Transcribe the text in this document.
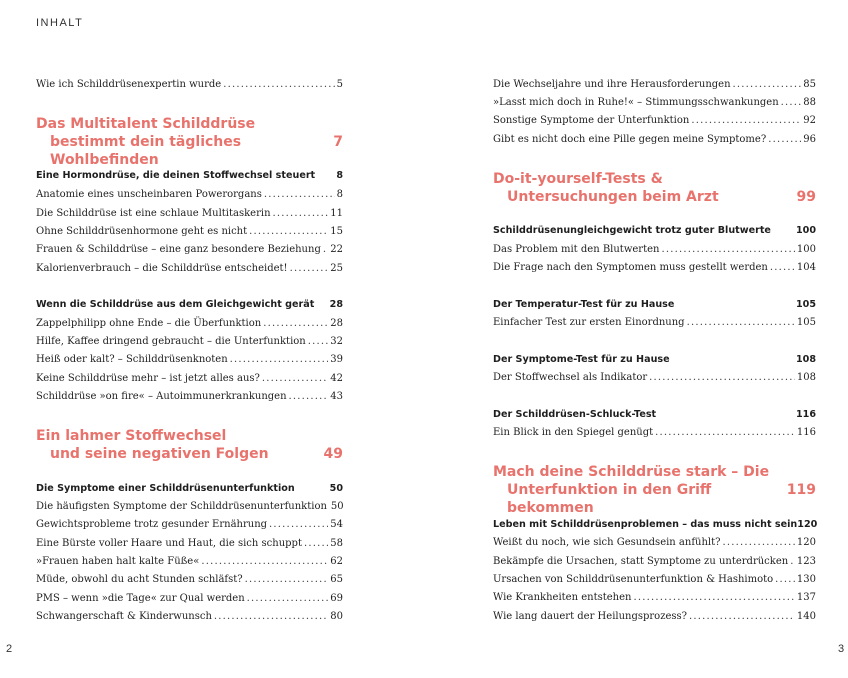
INHALT
Wie ich Schilddrüsenexpertin wurde .....	5
Das Multitalent Schilddrüse
bestimmt dein tägliches Wohlbefinden
7
Eine Hormondrüse, die deinen Stoffwechsel steuert 8
Anatomie eines unscheinbaren Powerorgans .....	8
Die Schilddrüse ist eine schlaue Multitaskerin .....	11
Ohne Schilddrüsenhormone geht es nicht .....	15
Frauen & Schilddrüse – eine ganz besondere Beziehung ..... 22
Kalorienverbrauch – die Schilddrüse entscheidet! .....	25
Wenn die Schilddrüse aus dem Gleichgewicht gerät 28
Zappelphilipp ohne Ende – die Überfunktion .....	28
Hilfe, Kaffee dringend gebraucht – die Unterfunktion ..... 32
Heiß oder kalt? – Schilddrüsenknoten .....	39
Keine Schilddrüse mehr – ist jetzt alles aus? .....	42
Schilddrüse »on fire« – Autoimmunerkrankungen .....	43
Ein lahmer Stoffwechsel
und seine negativen Folgen	49
Die Symptome einer Schilddrüsenunterfunktion	50
Die häufigsten Symptome der Schilddrüsenunterfunktion 50
Gewichtsprobleme trotz gesunder Ernährung .....	54
Eine Bürste voller Haare und Haut, die sich schuppt .....	58
»Frauen haben halt kalte Füße« .....	62
Müde, obwohl du acht Stunden schläfst? .....	65
PMS – wenn »die Tage« zur Qual werden .....	69
Schwangerschaft & Kinderwunsch .....	80
Die Wechseljahre und ihre Herausforderungen .....	85
»Lasst mich doch in Ruhe!« – Stimmungsschwankungen ..... 88
Sonstige Symptome der Unterfunktion .....	92
Gibt es nicht doch eine Pille gegen meine Symptome? .....	96
Do-it-yourself-Tests &
Untersuchungen beim Arzt	99
Schilddrüsenungleichgewicht trotz guter Blutwerte	100
Das Problem mit den Blutwerten .....	100
Die Frage nach den Symptomen muss gestellt werden .....	104
Der Temperatur-Test für zu Hause	105
Einfacher Test zur ersten Einordnung .....	105
Der Symptome-Test für zu Hause	108
Der Stoffwechsel als Indikator .....	108
Der Schilddrüsen-Schluck-Test	116
Ein Blick in den Spiegel genügt .....	116
Mach deine Schilddrüse stark – Die
Unterfunktion in den Griff bekommen
119
Leben mit Schilddrüsenproblemen – das muss nicht sein 120
Weißt du noch, wie sich Gesundsein anfühlt? .....	120
Bekämpfe die Ursachen, statt Symptome zu unterdrücken ..... 123
Ursachen von Schilddrüsenunterfunktion & Hashimoto ..... 130
Wie Krankheiten entstehen .....	137
Wie lang dauert der Heilungsprozess? .....	140
2	3
